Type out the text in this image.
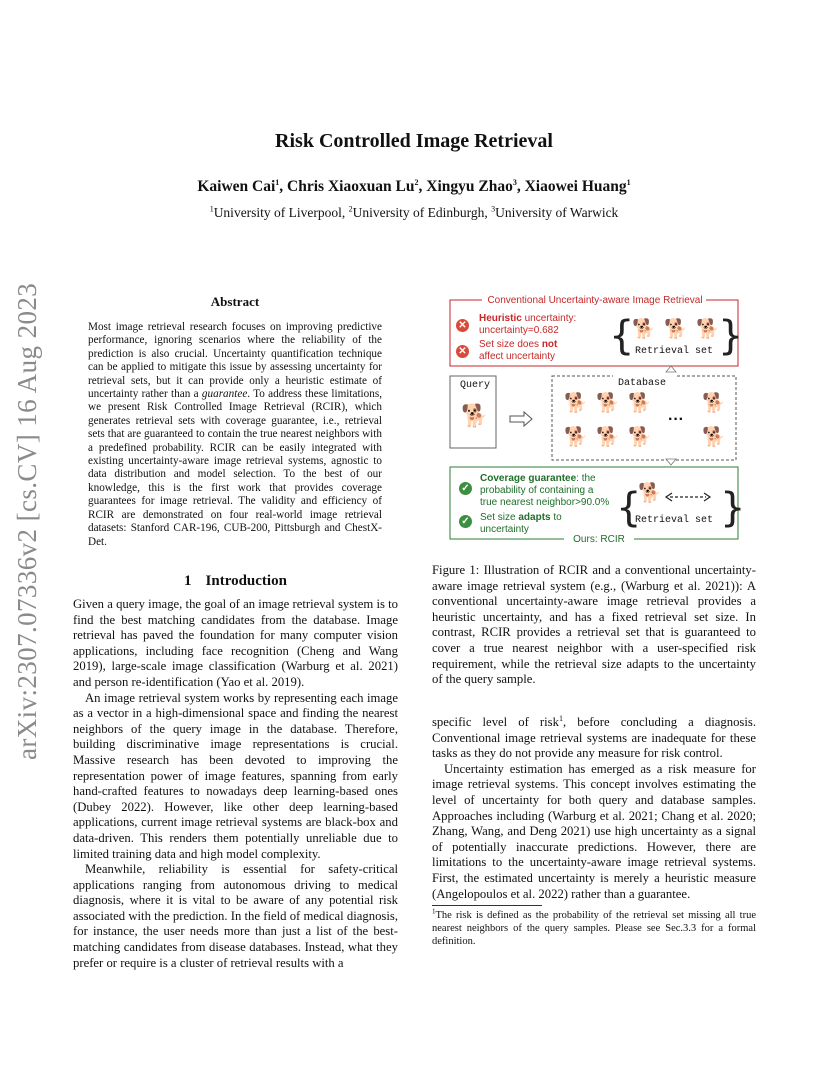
arXiv:2307.07336v2 [cs.CV] 16 Aug 2023
Risk Controlled Image Retrieval
Kaiwen Cai$^1$, Chris Xiaoxuan Lu$^2$, Xingyu Zhao$^3$, Xiaowei Huang$^1$
$^1$University of Liverpool, $^2$University of Edinburgh, $^3$University of Warwick
Abstract
Most image retrieval research focuses on improving predictive performance, ignoring scenarios where the reliability of the prediction is also crucial. Uncertainty quantification technique can be applied to mitigate this issue by assessing uncertainty for retrieval sets, but it can provide only a heuristic estimate of uncertainty rather than a guarantee. To address these limitations, we present Risk Controlled Image Retrieval (RCIR), which generates retrieval sets with coverage guarantee, i.e., retrieval sets that are guaranteed to contain the true nearest neighbors with a predefined probability. RCIR can be easily integrated with existing uncertainty-aware image retrieval systems, agnostic to data distribution and model selection. To the best of our knowledge, this is the first work that provides coverage guarantees for image retrieval. The validity and efficiency of RCIR are demonstrated on four real-world image retrieval datasets: Stanford CAR-196, CUB-200, Pittsburgh and ChestX-Det.
1 Introduction

Given a query image, the goal of an image retrieval system is to find the best matching candidates from the database. Image retrieval has paved the foundation for many computer vision applications, including face recognition (Cheng and Wang 2019), large-scale image classification (Warburg et al. 2021) and person re-identification (Yao et al. 2019).

An image retrieval system works by representing each image as a vector in a high-dimensional space and finding the nearest neighbors of the query image in the database. Therefore, building discriminative image representations is crucial. Massive research has been devoted to improving the representation power of image features, spanning from early hand-crafted features to nowadays deep learning-based ones (Dubey 2022). However, like other deep learning-based applications, current image retrieval systems are black-box and data-driven. This renders them potentially unreliable due to limited training data and high model complexity.

Meanwhile, reliability is essential for safety-critical applications ranging from autonomous driving to medical diagnosis, where it is vital to be aware of any potential risk associated with the prediction. In the field of medical diagnosis, for instance, the user needs more than just a list of the best-matching candidates from disease databases. Instead, what they prefer or require is a cluster of retrieval results with a

{ }
{ }
Conventional Uncertainty-aware Image Retrieval
✕
Heuristic uncertainty:
uncertainty=0.682
✕
Set size does not
affect uncertainty
🐕 🐕 🐕
Retrieval set
Query
🐕
Database
🐕 🐕 🐕	🐕
🐕 🐕 🐕	🐕
···
✓
Coverage guarantee: the
probability of containing a
true nearest neighbor>90.0%
✓ Set size adapts to
uncertainty
🐕
Retrieval set
Ours: RCIR
Figure 1: Illustration of RCIR and a conventional uncertainty-aware image retrieval system (e.g., (Warburg et al. 2021)): A conventional uncertainty-aware image retrieval provides a heuristic uncertainty, and has a fixed retrieval set size. In contrast, RCIR provides a retrieval set that is guaranteed to cover a true nearest neighbor with a user-specified risk requirement, while the retrieval size adapts to the uncertainty of the query sample.

specific level of risk$^1$, before concluding a diagnosis. Conventional image retrieval systems are inadequate for these tasks as they do not provide any measure for risk control.

Uncertainty estimation has emerged as a risk measure for image retrieval systems. This concept involves estimating the level of uncertainty for both query and database samples. Approaches including (Warburg et al. 2021; Chang et al. 2020; Zhang, Wang, and Deng 2021) use high uncertainty as a signal of potentially inaccurate predictions. However, there are limitations to the uncertainty-aware image retrieval systems. First, the estimated uncertainty is merely a heuristic measure (Angelopoulos et al. 2022) rather than a guarantee.

$^1$The risk is defined as the probability of the retrieval set missing all true nearest neighbors of the query samples. Please see Sec.3.3 for a formal definition.
